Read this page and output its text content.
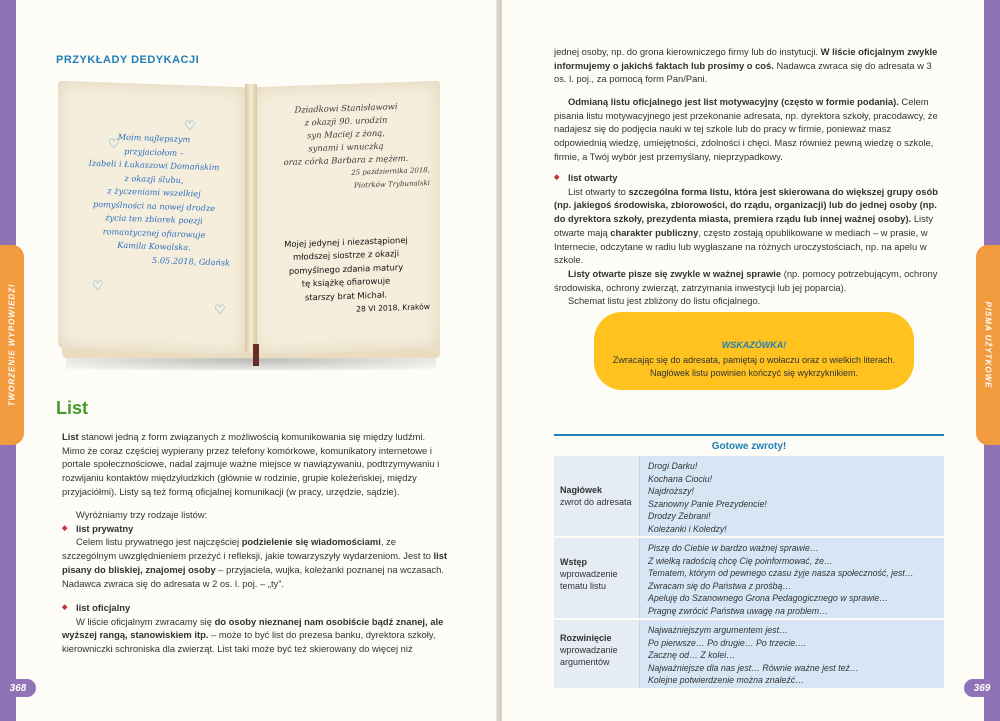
TWORZENIE WYPOWIEDZI
368
PRZYKŁADY DEDYKACJI
♡
♡
♡
♡
Moim najlepszym
przyjaciołom –
Izabeli i Łukaszowi Domańskim
z okazji ślubu,
z życzeniami wszelkiej
pomyślności na nowej drodze
życia ten zbiorek poezji
romantycznej ofiarowuje
Kamila Kowalska.
5.05.2018, Gdańsk
Dziadkowi Stanisławowi
z okazji 90. urodzin
syn Maciej z żoną,
synami i wnuczką
oraz córka Barbara z mężem.
25 października 2018,
Piotrków Trybunalski
Mojej jedynej i niezastąpionej
młodszej siostrze z okazji
pomyślnego zdania matury
tę książkę ofiarowuje
starszy brat Michał.
28 VI 2018, Kraków
List

List stanowi jedną z form związanych z możliwością komunikowania się między ludźmi. Mimo że coraz częściej wypierany przez telefony komórkowe, komunikatory internetowe i portale społecznościowe, nadal zajmuje ważne miejsce w nawiązywaniu, podtrzymywaniu i rozwijaniu kontaktów międzyludzkich (głównie w rodzinie, grupie koleżeńskiej, między przyjaciółmi). Listy są też formą oficjalnej komunikacji (w pracy, urzędzie, sądzie).

Wyróżniamy trzy rodzaje listów:

◆ list prywatny

Celem listu prywatnego jest najczęściej podzielenie się wiadomościami, ze szczególnym uwzględnieniem przeżyć i refleksji, jakie towarzyszyły wydarzeniom. Jest to list pisany do bliskiej, znajomej osoby – przyjaciela, wujka, koleżanki poznanej na wczasach. Nadawca zwraca się do adresata w 2 os. l. poj. – „ty”.

◆ list oficjalny

W liście oficjalnym zwracamy się do osoby nieznanej nam osobiście bądź znanej, ale wyższej rangą, stanowiskiem itp. – może to być list do prezesa banku, dyrektora szkoły, kierowniczki schroniska dla zwierząt. List taki może być też skierowany do więcej niż

PISMA UŻYTKOWE
369

jednej osoby, np. do grona kierowniczego firmy lub do instytucji. W liście oficjalnym zwykle informujemy o jakichś faktach lub prosimy o coś. Nadawca zwraca się do adresata w 3 os. l. poj., za pomocą form Pan/Pani.

Odmianą listu oficjalnego jest list motywacyjny (często w formie podania). Celem pisania listu motywacyjnego jest przekonanie adresata, np. dyrektora szkoły, pracodawcy, że nadajesz się do podjęcia nauki w tej szkole lub do pracy w firmie, ponieważ masz odpowiednią wiedzę, umiejętności, zdolności i chęci. Masz również pewną wiedzę o szkole, firmie, a Twój wybór jest przemyślany, nieprzypadkowy.

◆ list otwarty

List otwarty to szczególna forma listu, która jest skierowana do większej grupy osób (np. jakiegoś środowiska, zbiorowości, do rządu, organizacji) lub do jednej osoby (np. do dyrektora szkoły, prezydenta miasta, premiera rządu lub innej ważnej osoby). Listy otwarte mają charakter publiczny, często zostają opublikowane w mediach – w prasie, w Internecie, odczytane w radiu lub wygłaszane na różnych uroczystościach, np. na apelu w szkole.

Listy otwarte pisze się zwykle w ważnej sprawie (np. pomocy potrzebującym, ochrony środowiska, ochrony zwierząt, zatrzymania inwestycji lub jej poparcia).

Schemat listu jest zbliżony do listu oficjalnego.

WSKAZÓWKA!
Zwracając się do adresata, pamiętaj o wołaczu oraz o wielkich literach.
Nagłówek listu powinien kończyć się wykrzyknikiem.
Gotowe zwroty!
Nagłówek
zwrot do adresata
Drogi Darku!
Kochana Ciociu!
Najdroższy!
Szanowny Panie Prezydencie!
Drodzy Zebrani!
Koleżanki i Koledzy!
Wstęp
wprowadzenie tematu listu
Piszę do Ciebie w bardzo ważnej sprawie…
Z wielką radością chcę Cię poinformować, że…
Tematem, którym od pewnego czasu żyje nasza społeczność, jest…
Zwracam się do Państwa z prośbą…
Apeluję do Szanownego Grona Pedagogicznego w sprawie…
Pragnę zwrócić Państwa uwagę na problem…
Rozwinięcie
wprowadzanie argumentów
Najważniejszym argumentem jest…
Po pierwsze… Po drugie… Po trzecie….
Zacznę od… Z kolei…
Najważniejsze dla nas jest… Równie ważne jest też…
Kolejne potwierdzenie można znaleźć…
